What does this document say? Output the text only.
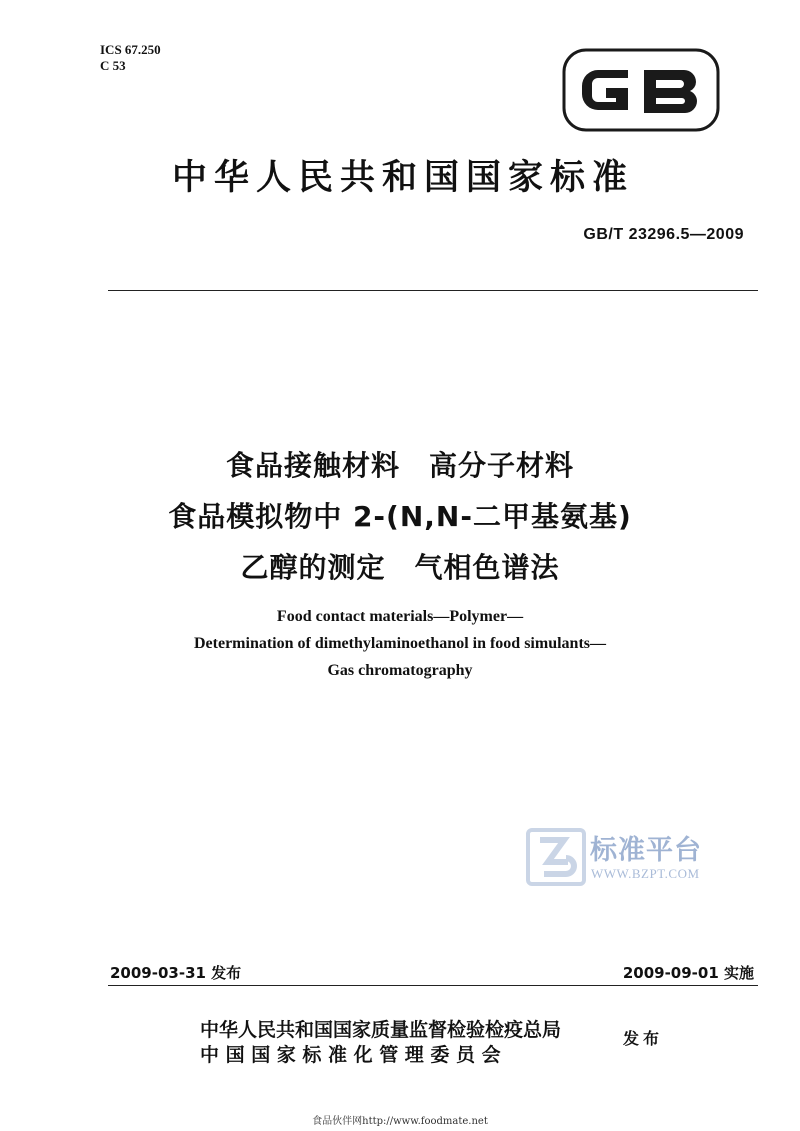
ICS 67.250
C 53
中华人民共和国国家标准
GB/T 23296.5—2009
食品接触材料　高分子材料
食品模拟物中 2-(N,N-二甲基氨基)
乙醇的测定　气相色谱法
Food contact materials—Polymer—
Determination of dimethylaminoethanol in food simulants—
Gas chromatography
标准平台
WWW.BZPT.COM
2009-03-31 发布	2009-09-01 实施
中华人民共和国国家质量监督检验检疫总局
中国国家标准化管理委员会
发布
食品伙伴网http://www.foodmate.net
